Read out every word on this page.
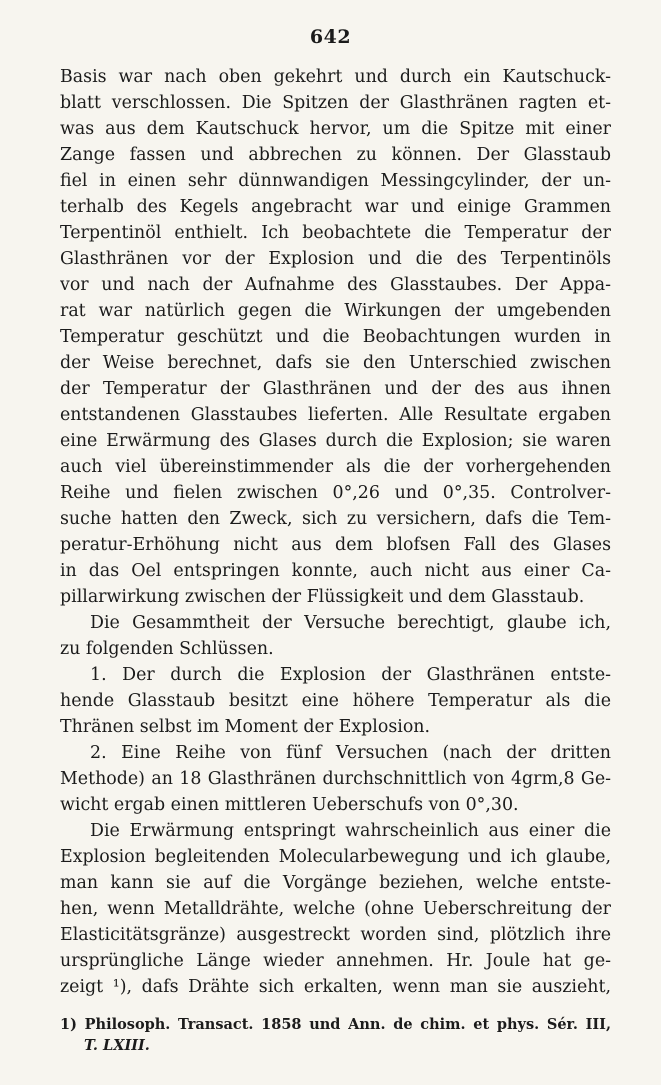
642
Basis war nach oben gekehrt und durch ein Kautschuck-
blatt verschlossen. Die Spitzen der Glasthränen ragten et-
was aus dem Kautschuck hervor, um die Spitze mit einer
Zange fassen und abbrechen zu können. Der Glasstaub
fiel in einen sehr dünnwandigen Messingcylinder, der un-
terhalb des Kegels angebracht war und einige Grammen
Terpentinöl enthielt. Ich beobachtete die Temperatur der
Glasthränen vor der Explosion und die des Terpentinöls
vor und nach der Aufnahme des Glasstaubes. Der Appa-
rat war natürlich gegen die Wirkungen der umgebenden
Temperatur geschützt und die Beobachtungen wurden in
der Weise berechnet, dafs sie den Unterschied zwischen
der Temperatur der Glasthränen und der des aus ihnen
entstandenen Glasstaubes lieferten. Alle Resultate ergaben
eine Erwärmung des Glases durch die Explosion; sie waren
auch viel übereinstimmender als die der vorhergehenden
Reihe und fielen zwischen 0°,26 und 0°,35. Controlver-
suche hatten den Zweck, sich zu versichern, dafs die Tem-
peratur-Erhöhung nicht aus dem blofsen Fall des Glases
in das Oel entspringen konnte, auch nicht aus einer Ca-
pillarwirkung zwischen der Flüssigkeit und dem Glasstaub.
Die Gesammtheit der Versuche berechtigt, glaube ich,
zu folgenden Schlüssen.
1. Der durch die Explosion der Glasthränen entste-
hende Glasstaub besitzt eine höhere Temperatur als die
Thränen selbst im Moment der Explosion.
2. Eine Reihe von fünf Versuchen (nach der dritten
Methode) an 18 Glasthränen durchschnittlich von 4grm,8 Ge-
wicht ergab einen mittleren Ueberschufs von 0°,30.
Die Erwärmung entspringt wahrscheinlich aus einer die
Explosion begleitenden Molecularbewegung und ich glaube,
man kann sie auf die Vorgänge beziehen, welche entste-
hen, wenn Metalldrähte, welche (ohne Ueberschreitung der
Elasticitätsgränze) ausgestreckt worden sind, plötzlich ihre
ursprüngliche Länge wieder annehmen. Hr. Joule hat ge-
zeigt ¹), dafs Drähte sich erkalten, wenn man sie auszieht,
1) Philosoph. Transact. 1858 und Ann. de chim. et phys. Sér. III,
T. LXIII.
